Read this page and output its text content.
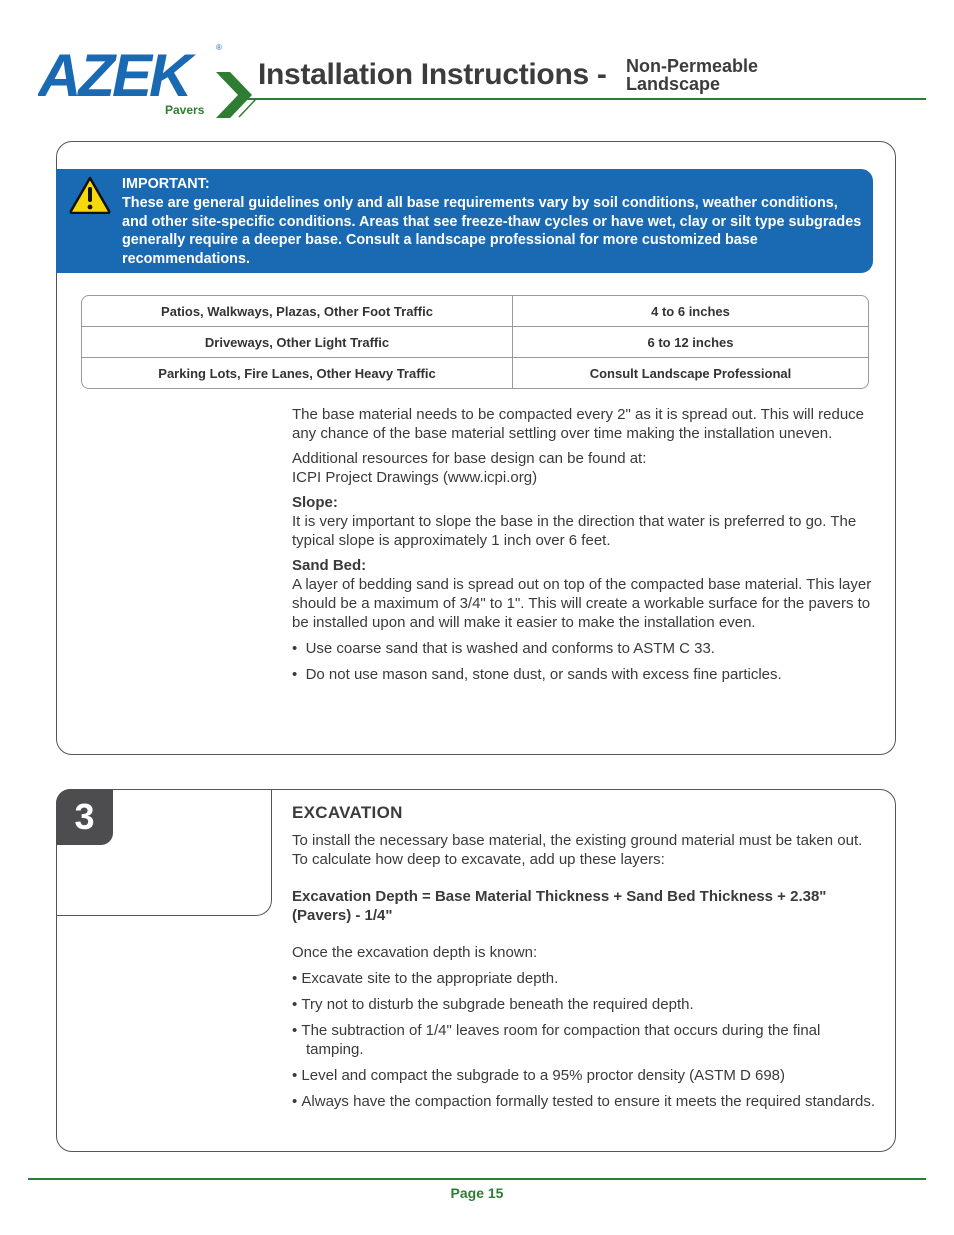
AZEK	®
Pavers
Installation Instructions - Non-Permeable
Landscape
IMPORTANT:
These are general guidelines only and all base requirements vary by soil conditions, weather conditions, and other site-specific conditions. Areas that see freeze-thaw cycles or have wet, clay or silt type subgrades generally require a deeper base. Consult a landscape professional for more customized base recommendations.
Patios, Walkways, Plazas, Other Foot Traffic	4 to 6 inches
Driveways, Other Light Traffic	6 to 12 inches
Parking Lots, Fire Lanes, Other Heavy Traffic	Consult Landscape Professional

The base material needs to be compacted every 2" as it is spread out. This will reduce any chance of the base material settling over time making the installation uneven.

Additional resources for base design can be found at:

ICPI Project Drawings (www.icpi.org)

Slope:

It is very important to slope the base in the direction that water is preferred to go. The typical slope is approximately 1 inch over 6 feet.

Sand Bed:

A layer of bedding sand is spread out on top of the compacted base material. This layer should be a maximum of 3/4" to 1". This will create a workable surface for the pavers to be installed upon and will make it easier to make the installation even.

•  Use coarse sand that is washed and conforms to ASTM C 33.
•  Do not use mason sand, stone dust, or sands with excess fine particles.
3	EXCAVATION

To install the necessary base material, the existing ground material must be taken out. To calculate how deep to excavate, add up these layers:

Excavation Depth = Base Material Thickness + Sand Bed Thickness + 2.38" (Pavers) - 1/4"

Once the excavation depth is known:

• Excavate site to the appropriate depth.
• Try not to disturb the subgrade beneath the required depth.
• The subtraction of 1/4" leaves room for compaction that occurs during the final tamping.
• Level and compact the subgrade to a 95% proctor density (ASTM D 698)
• Always have the compaction formally tested to ensure it meets the required standards.
Page 15
